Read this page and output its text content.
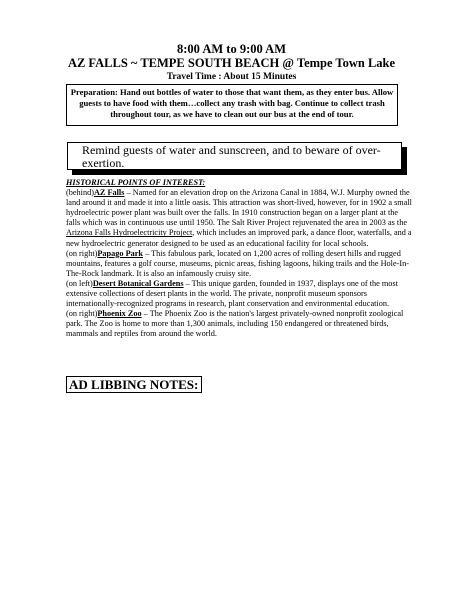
8:00 AM to 9:00 AM
AZ FALLS ~ TEMPE SOUTH BEACH @ Tempe Town Lake
Travel Time : About 15 Minutes
Preparation: Hand out bottles of water to those that want them, as they enter bus. Allow guests to have food with them…collect any trash with bag. Continue to collect trash throughout tour, as we have to clean out our bus at the end of tour.
Remind guests of water and sunscreen, and to beware of over-exertion.
HISTORICAL POINTS OF INTEREST:

(behind)AZ Falls – Named for an elevation drop on the Arizona Canal in 1884, W.J. Murphy owned the land around it and made it into a little oasis. This attraction was short-lived, however, for in 1902 a small hydroelectric power plant was built over the falls. In 1910 construction began on a larger plant at the falls which was in continuous use until 1950. The Salt River Project rejuvenated the area in 2003 as the Arizona Falls Hydroelectricity Project, which includes an improved park, a dance floor, waterfalls, and a new hydroelectric generator designed to be used as an educational facility for local schools.

(on right)Papago Park – This fabulous park, located on 1,200 acres of rolling desert hills and rugged mountains, features a golf course, museums, picnic areas, fishing lagoons, hiking trails and the Hole-In-The-Rock landmark. It is also an infamously cruisy site.

(on left)Desert Botanical Gardens – This unique garden, founded in 1937, displays one of the most extensive collections of desert plants in the world. The private, nonprofit museum sponsors internationally-recognized programs in research, plant conservation and environmental education.

(on right)Phoenix Zoo – The Phoenix Zoo is the nation's largest privately-owned nonprofit zoological park. The Zoo is home to more than 1,300 animals, including 150 endangered or threatened birds, mammals and reptiles from around the world.

AD LIBBING NOTES:
